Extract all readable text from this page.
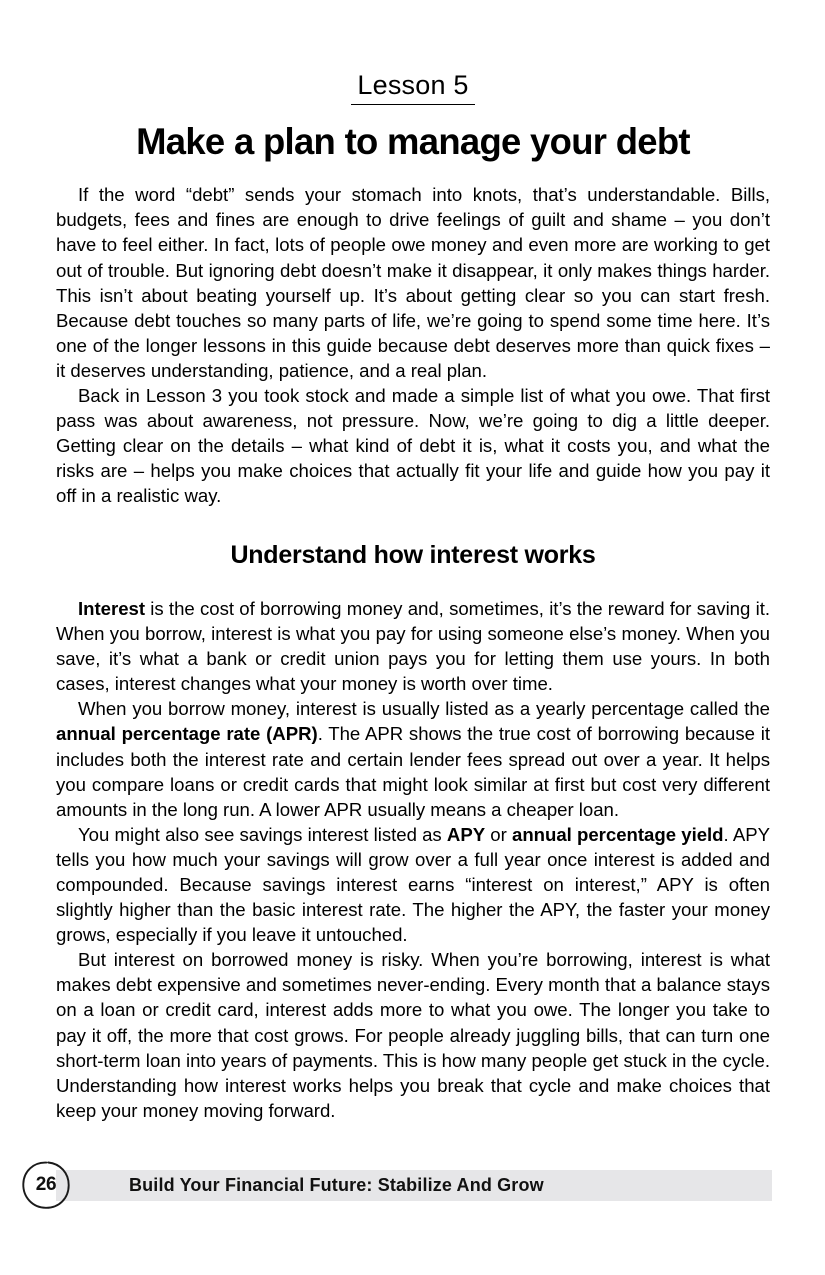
Lesson 5
Make a plan to manage your debt

If the word “debt” sends your stomach into knots, that’s understandable. Bills, budgets, fees and fines are enough to drive feelings of guilt and shame – you don’t have to feel either. In fact, lots of people owe money and even more are working to get out of trouble. But ignoring debt doesn’t make it disappear, it only makes things harder. This isn’t about beating yourself up. It’s about getting clear so you can start fresh. Because debt touches so many parts of life, we’re going to spend some time here. It’s one of the longer lessons in this guide because debt deserves more than quick fixes – it deserves understanding, patience, and a real plan.

Back in Lesson 3 you took stock and made a simple list of what you owe. That first pass was about awareness, not pressure. Now, we’re going to dig a little deeper. Getting clear on the details – what kind of debt it is, what it costs you, and what the risks are – helps you make choices that actually fit your life and guide how you pay it off in a realistic way.

Understand how interest works

Interest is the cost of borrowing money and, sometimes, it’s the reward for saving it. When you borrow, interest is what you pay for using someone else’s money. When you save, it’s what a bank or credit union pays you for letting them use yours. In both cases, interest changes what your money is worth over time.

When you borrow money, interest is usually listed as a yearly percentage called the annual percentage rate (APR). The APR shows the true cost of borrowing because it includes both the interest rate and certain lender fees spread out over a year. It helps you compare loans or credit cards that might look similar at first but cost very different amounts in the long run. A lower APR usually means a cheaper loan.

You might also see savings interest listed as APY or annual percentage yield. APY tells you how much your savings will grow over a full year once interest is added and compounded. Because savings interest earns “interest on interest,” APY is often slightly higher than the basic interest rate. The higher the APY, the faster your money grows, especially if you leave it untouched.

But interest on borrowed money is risky. When you’re borrowing, interest is what makes debt expensive and sometimes never-ending. Every month that a balance stays on a loan or credit card, interest adds more to what you owe. The longer you take to pay it off, the more that cost grows. For people already juggling bills, that can turn one short-term loan into years of payments. This is how many people get stuck in the cycle. Understanding how interest works helps you break that cycle and make choices that keep your money moving forward.

26	Build Your Financial Future: Stabilize And Grow
